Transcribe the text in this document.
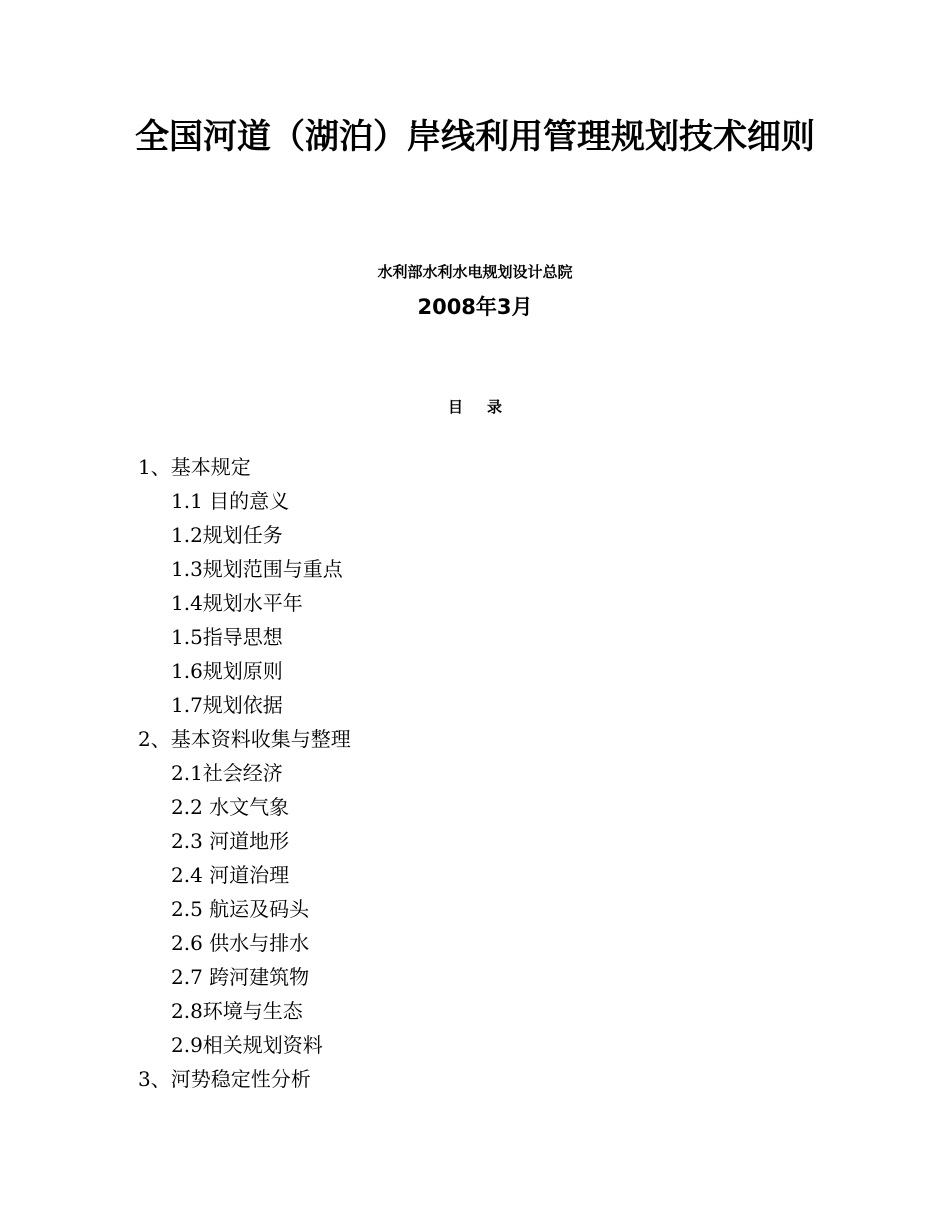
全国河道（湖泊）岸线利用管理规划技术细则
水利部水利水电规划设计总院
2008年3月
目录
1、基本规定
1.1 目的意义
1.2规划任务
1.3规划范围与重点
1.4规划水平年
1.5指导思想
1.6规划原则
1.7规划依据
2、基本资料收集与整理
2.1社会经济
2.2 水文气象
2.3 河道地形
2.4 河道治理
2.5 航运及码头
2.6 供水与排水
2.7 跨河建筑物
2.8环境与生态
2.9相关规划资料
3、河势稳定性分析
